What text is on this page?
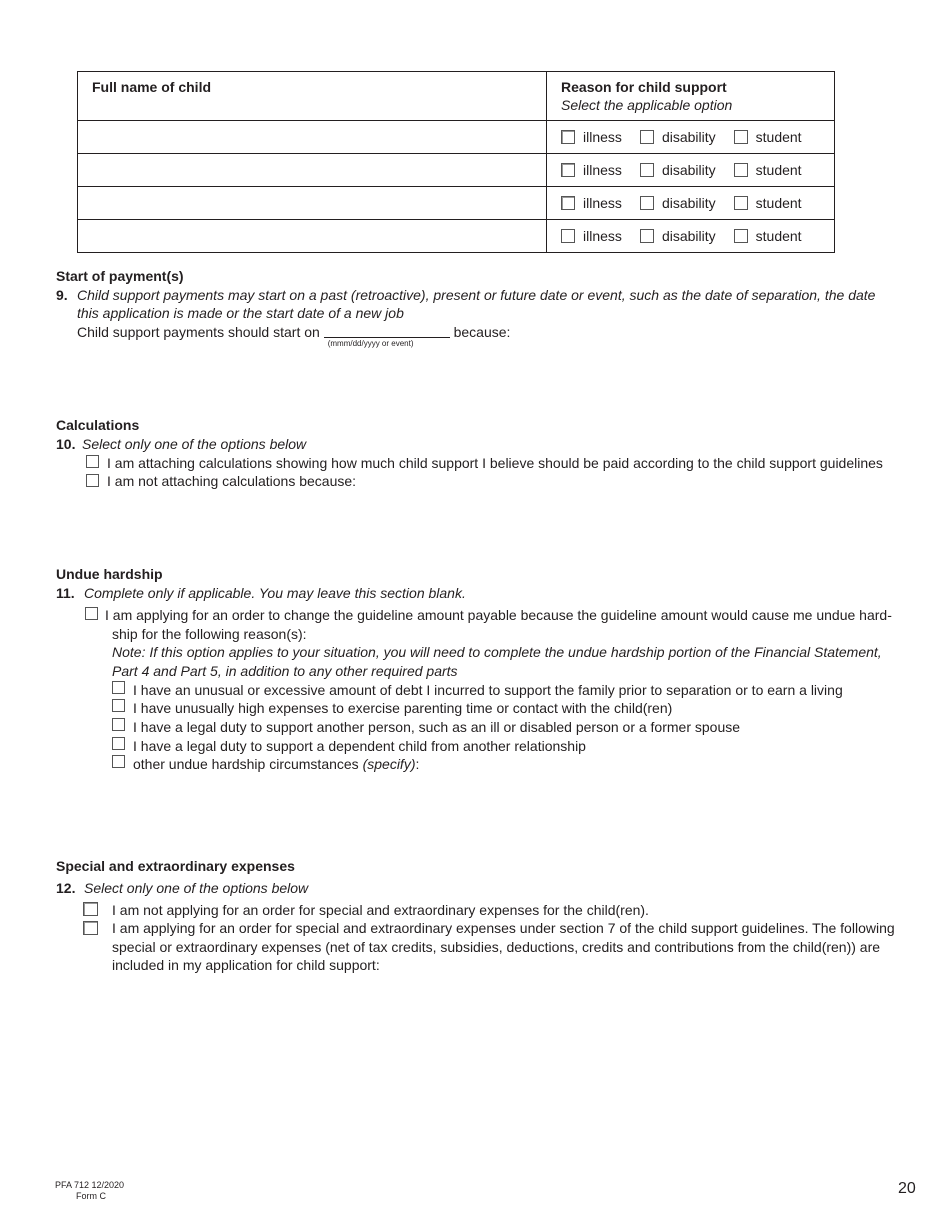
Full name of child	Reason for child support
Select the applicable option

	illness disability student

	illness disability student

	illness disability student

	illness disability student
Start of payment(s)
9. Child support payments may start on a past (retroactive), present or future date or event, such as the date of separation, the date
this application is made or the start date of a new job
Child support payments should start on
(mmm/dd/yyyy or event)
because:
Calculations
10. Select only one of the options below
I am attaching calculations showing how much child support I believe should be paid according to the child support guidelines
I am not attaching calculations because:
Undue hardship
11. Complete only if applicable. You may leave this section blank.
I am applying for an order to change the guideline amount payable because the guideline amount would cause me undue hard-
ship for the following reason(s):
Note: If this option applies to your situation, you will need to complete the undue hardship portion of the Financial Statement,
Part 4 and Part 5, in addition to any other required parts
I have an unusual or excessive amount of debt I incurred to support the family prior to separation or to earn a living
I have unusually high expenses to exercise parenting time or contact with the child(ren)
I have a legal duty to support another person, such as an ill or disabled person or a former spouse
I have a legal duty to support a dependent child from another relationship
other undue hardship circumstances (specify):
Special and extraordinary expenses
12. Select only one of the options below
I am not applying for an order for special and extraordinary expenses for the child(ren).
I am applying for an order for special and extraordinary expenses under section 7 of the child support guidelines. The following
special or extraordinary expenses (net of tax credits, subsidies, deductions, credits and contributions from the child(ren)) are
included in my application for child support:
PFA 712 12/2020
Form C	20
